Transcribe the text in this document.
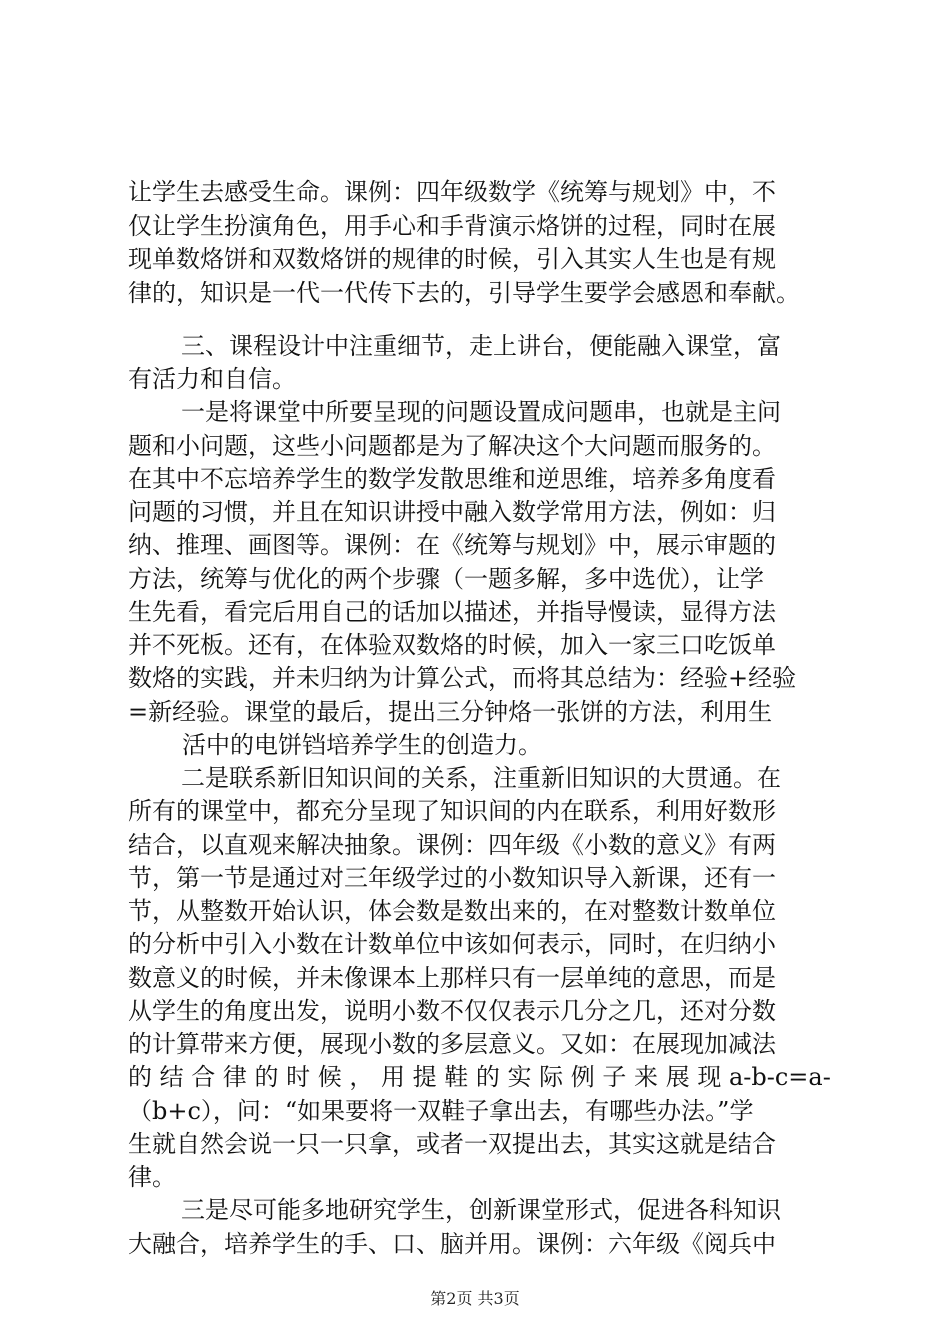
让学生去感受生命。课例：四年级数学《统筹与规划》中，不
仅让学生扮演角色，用手心和手背演示烙饼的过程，同时在展
现单数烙饼和双数烙饼的规律的时候，引入其实人生也是有规
律的，知识是一代一代传下去的，引导学生要学会感恩和奉献。
三、课程设计中注重细节，走上讲台，便能融入课堂，富
有活力和自信。
一是将课堂中所要呈现的问题设置成问题串，也就是主问
题和小问题，这些小问题都是为了解决这个大问题而服务的。
在其中不忘培养学生的数学发散思维和逆思维，培养多角度看
问题的习惯，并且在知识讲授中融入数学常用方法，例如：归
纳、推理、画图等。课例：在《统筹与规划》中，展示审题的
方法，统筹与优化的两个步骤（一题多解，多中选优），让学
生先看，看完后用自己的话加以描述，并指导慢读，显得方法
并不死板。还有，在体验双数烙的时候，加入一家三口吃饭单
数烙的实践，并未归纳为计算公式，而将其总结为：经验+经验
=新经验。课堂的最后，提出三分钟烙一张饼的方法，利用生
活中的电饼铛培养学生的创造力。
二是联系新旧知识间的关系，注重新旧知识的大贯通。在
所有的课堂中，都充分呈现了知识间的内在联系，利用好数形
结合，以直观来解决抽象。课例：四年级《小数的意义》有两
节，第一节是通过对三年级学过的小数知识导入新课，还有一
节，从整数开始认识，体会数是数出来的，在对整数计数单位
的分析中引入小数在计数单位中该如何表示，同时，在归纳小
数意义的时候，并未像课本上那样只有一层单纯的意思，而是
从学生的角度出发，说明小数不仅仅表示几分之几，还对分数
的计算带来方便，展现小数的多层意义。又如：在展现加减法
的 结 合 律 的 时 候 ， 用 提 鞋 的 实 际 例 子 来 展 现 a-b-c=a-
（b+c），问：“如果要将一双鞋子拿出去，有哪些办法。”学
生就自然会说一只一只拿，或者一双提出去，其实这就是结合
律。
三是尽可能多地研究学生，创新课堂形式，促进各科知识
大融合，培养学生的手、口、脑并用。课例：六年级《阅兵中
第2页 共3页
